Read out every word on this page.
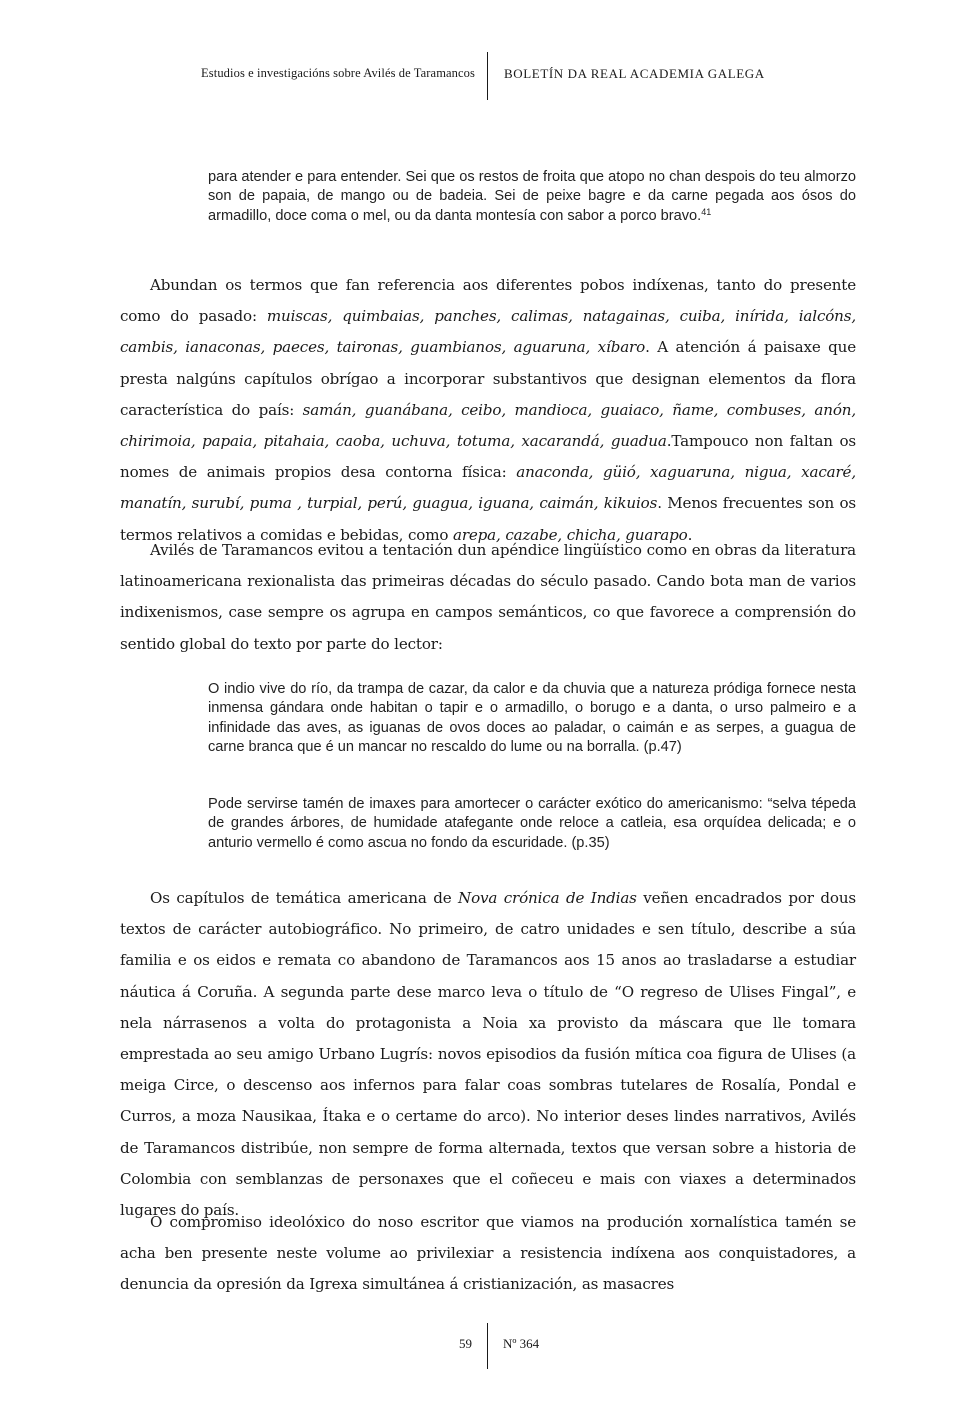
Estudios e investigacións sobre Avilés de Taramancos BOLETÍN DA REAL ACADEMIA GALEGA
para atender e para entender. Sei que os restos de froita que atopo no chan despois do teu almorzo son de papaia, de mango ou de badeia. Sei de peixe bagre e da carne pegada aos ósos do armadillo, doce coma o mel, ou da danta montesía con sabor a porco bravo.$^{41}$

Abundan os termos que fan referencia aos diferentes pobos indíxenas, tanto do presente como do pasado: muiscas, quimbaias, panches, calimas, natagainas, cuiba, inírida, ialcóns, cambis, ianaconas, paeces, taironas, guambianos, aguaruna, xíbaro. A atención á paisaxe que presta nalgúns capítulos obrígao a incorporar substantivos que designan elementos da flora característica do país: samán, guanábana, ceibo, mandioca, guaiaco, ñame, combuses, anón, chirimoia, papaia, pitahaia, caoba, uchuva, totuma, xacarandá, guadua.Tampouco non faltan os nomes de animais propios desa contorna física: anaconda, güió, xaguaruna, nigua, xacaré, manatín, surubí, puma , turpial, perú, guagua, iguana, caimán, kikuios. Menos frecuentes son os termos relativos a comidas e bebidas, como arepa, cazabe, chicha, guarapo.

Avilés de Taramancos evitou a tentación dun apéndice lingüístico como en obras da literatura latinoamericana rexionalista das primeiras décadas do século pasado. Cando bota man de varios indixenismos, case sempre os agrupa en campos semánticos, co que favorece a comprensión do sentido global do texto por parte do lector:

O indio vive do río, da trampa de cazar, da calor e da chuvia que a natureza pródiga fornece nesta inmensa gándara onde habitan o tapir e o armadillo, o borugo e a danta, o urso palmeiro e a infinidade das aves, as iguanas de ovos doces ao paladar, o caimán e as serpes, a guagua de carne branca que é un mancar no rescaldo do lume ou na borralla. (p.47)
Pode servirse tamén de imaxes para amortecer o carácter exótico do americanismo: “selva tépeda de grandes árbores, de humidade atafegante onde reloce a catleia, esa orquídea delicada; e o anturio vermello é como ascua no fondo da escuridade. (p.35)

Os capítulos de temática americana de Nova crónica de Indias veñen encadrados por dous textos de carácter autobiográfico. No primeiro, de catro unidades e sen título, describe a súa familia e os eidos e remata co abandono de Taramancos aos 15 anos ao trasladarse a estudiar náutica á Coruña. A segunda parte dese marco leva o título de “O regreso de Ulises Fingal”, e nela nárrasenos a volta do protagonista a Noia xa provisto da máscara que lle tomara emprestada ao seu amigo Urbano Lugrís: novos episodios da fusión mítica coa figura de Ulises (a meiga Circe, o descenso aos infernos para falar coas sombras tutelares de Rosalía, Pondal e Curros, a moza Nausikaa, Ítaka e o certame do arco). No interior deses lindes narrativos, Avilés de Taramancos distribúe, non sempre de forma alternada, textos que versan sobre a historia de Colombia con semblanzas de personaxes que el coñeceu e mais con viaxes a determinados lugares do país.

O compromiso ideolóxico do noso escritor que viamos na produción xornalística tamén se acha ben presente neste volume ao privilexiar a resistencia indíxena aos conquistadores, a denuncia da opresión da Igrexa simultánea á cristianización, as masacres

59 Nº 364
